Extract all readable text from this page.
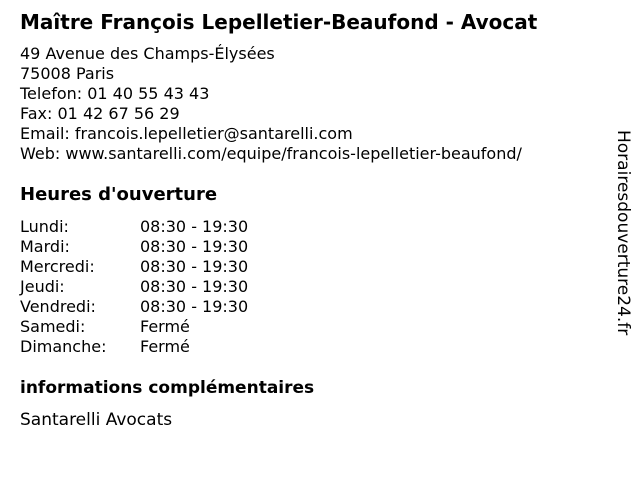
Maître François Lepelletier-Beaufond - Avocat
49 Avenue des Champs-Élysées
75008 Paris
Telefon: 01 40 55 43 43
Fax: 01 42 67 56 29
Email: francois.lepelletier@santarelli.com
Web: www.santarelli.com/equipe/francois-lepelletier-beaufond/
Heures d'ouverture
Lundi:	08:30 - 19:30
Mardi:	08:30 - 19:30
Mercredi:	08:30 - 19:30
Jeudi:	08:30 - 19:30
Vendredi:	08:30 - 19:30
Samedi:	Fermé
Dimanche:	Fermé
informations complémentaires
Santarelli Avocats
Horairesdouverture24.fr
